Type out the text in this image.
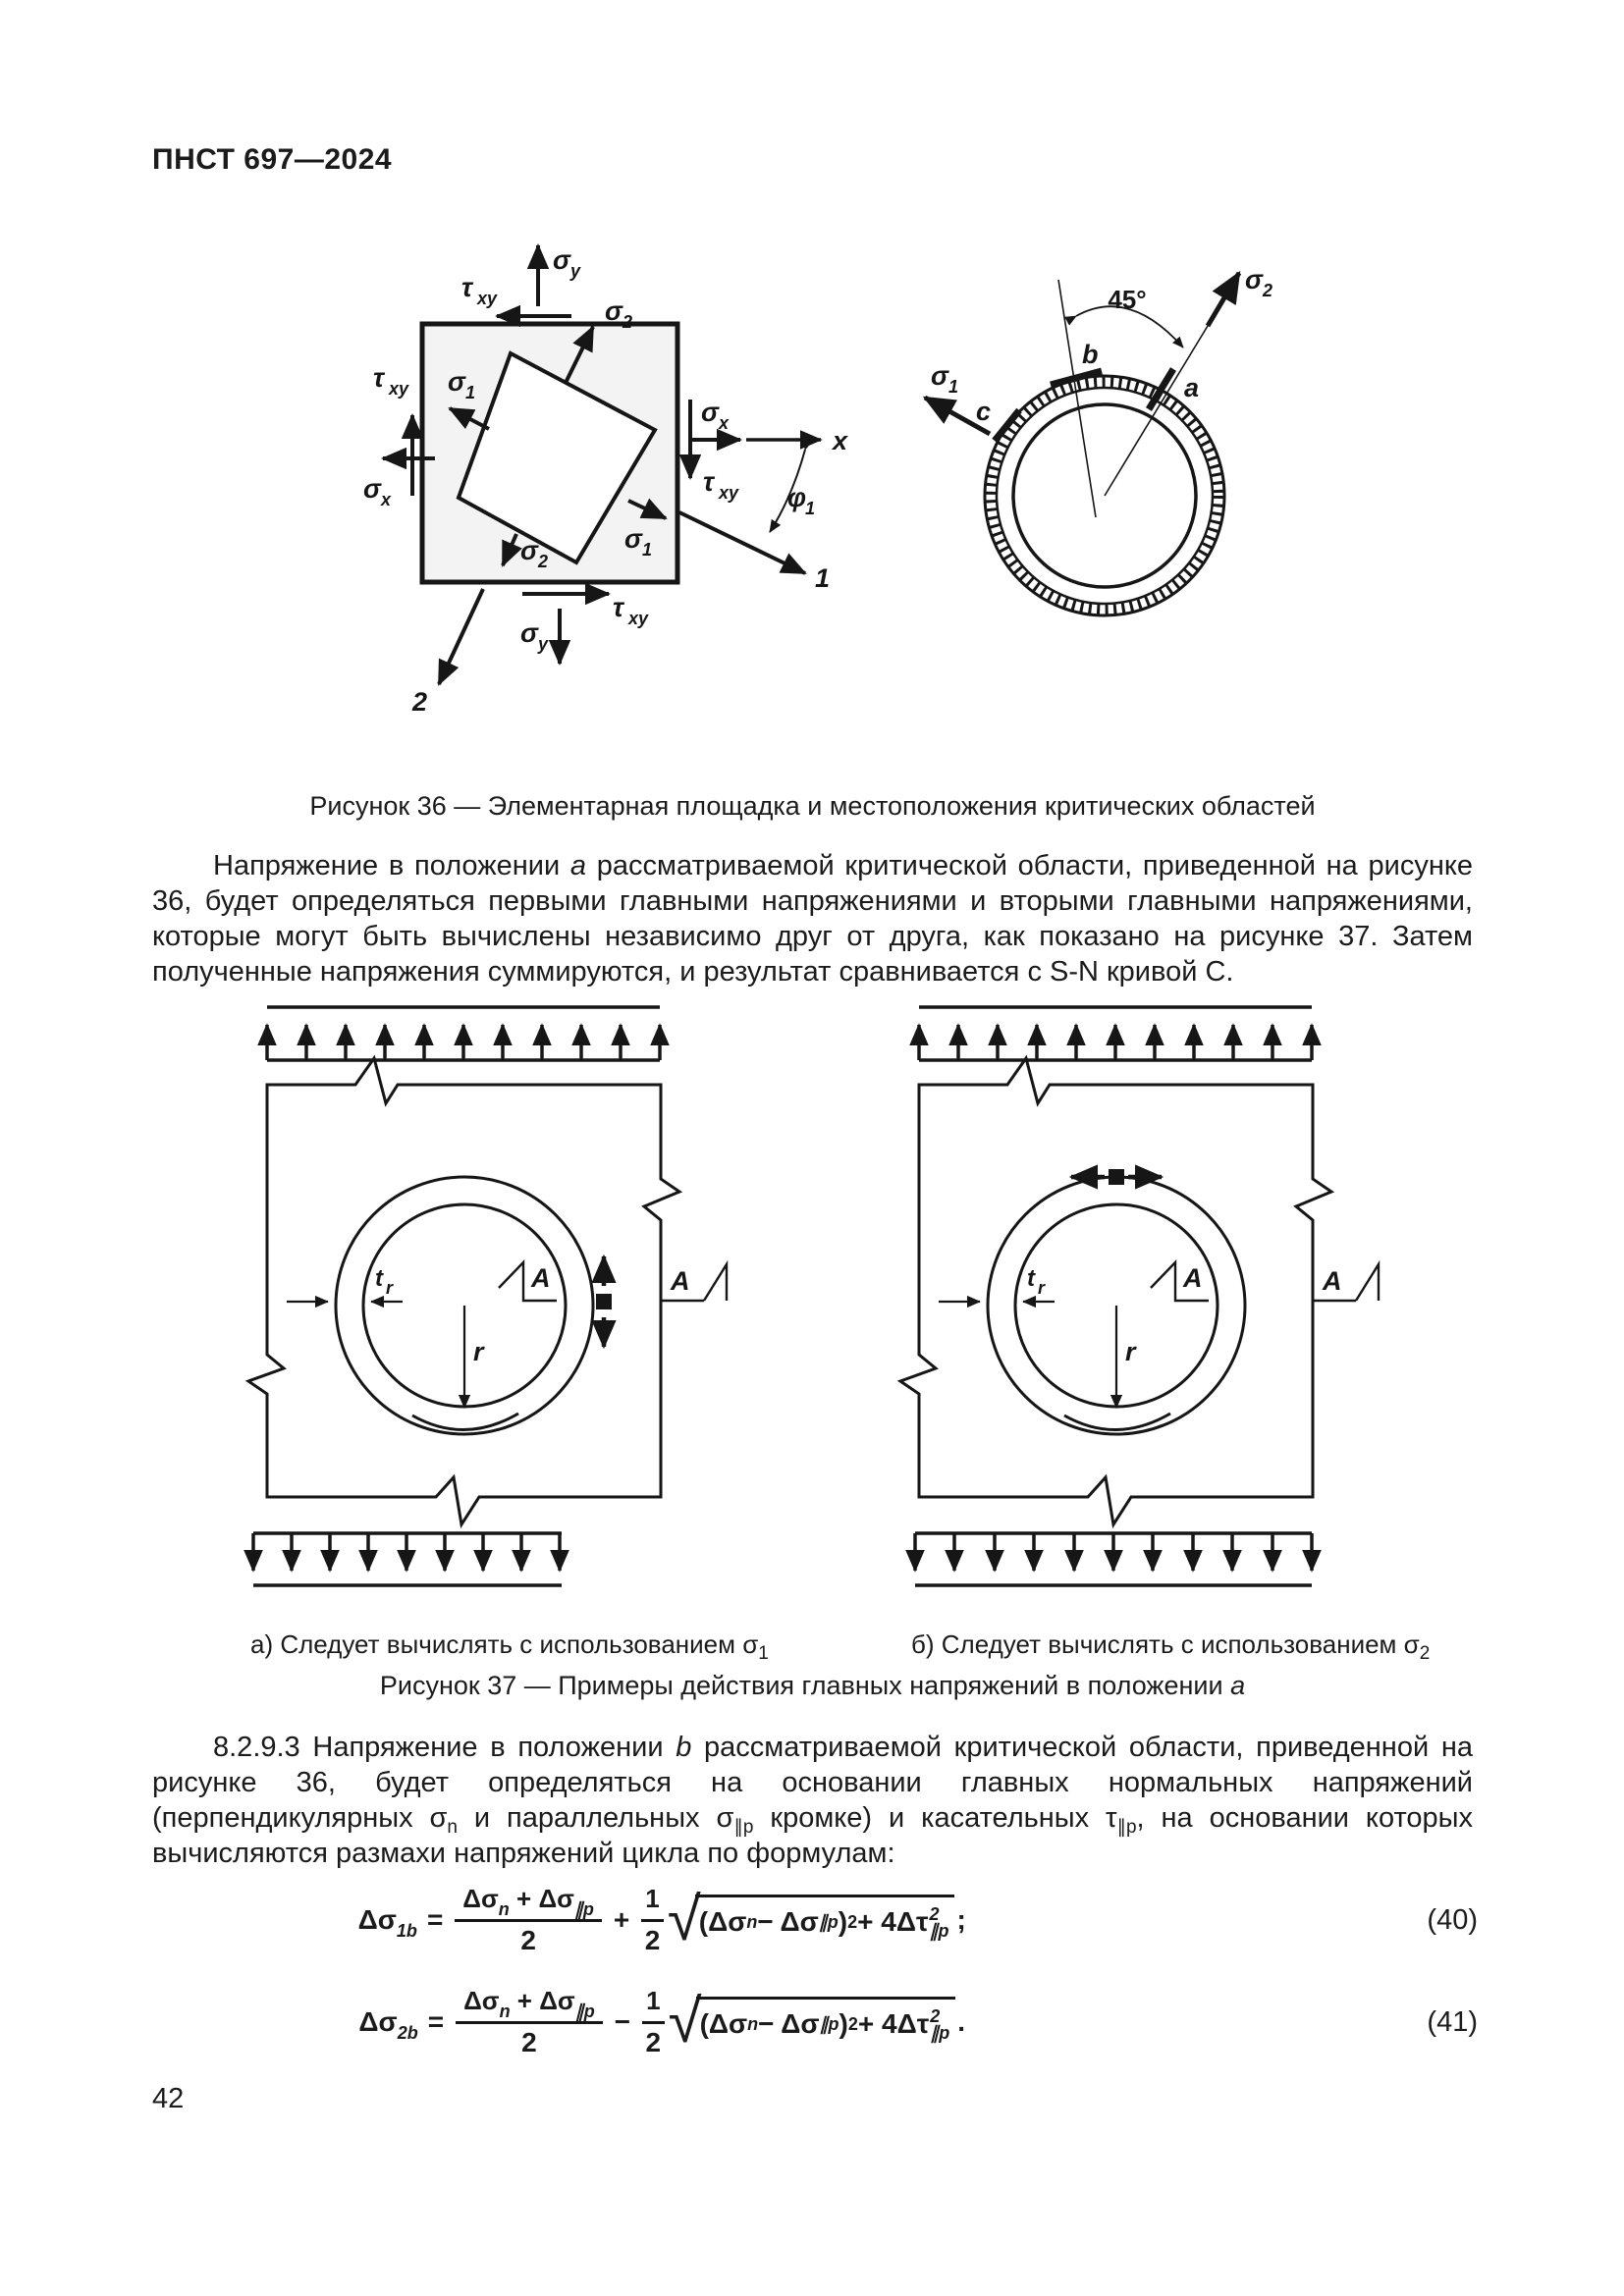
ПНСТ 697—2024
σ y
τ xy
τ xy
σ x
σ 2
σ 1
σ 1
σ 2
σ x
τ xy
τ xy
σ y
x
1
2
φ 1
45°
σ 2
σ 1
b
a
c
Рисунок 36 — Элементарная площадка и местоположения критических областей

Напряжение в положении a рассматриваемой критической области, приведенной на рисунке 36, будет определяться первыми главными напряжениями и вторыми главными напряжениями, которые могут быть вычислены независимо друг от друга, как показано на рисунке 37. Затем полученные напряжения суммируются, и результат сравнивается с S-N кривой С.

t r
r
A	A	t r
r
A	A
а) Следует вычислять с использованием $\sigma_1$	б) Следует вычислять с использованием $\sigma_2$
Рисунок 37 — Примеры действия главных напряжений в положении a

8.2.9.3 Напряжение в положении b рассматриваемой критической области, приведенной на рисунке 36, будет определяться на основании главных нормальных напряжений (перпендикулярных $\sigma_n$ и параллельных $\sigma_{\parallel p}$ кромке) и касательных $\tau_{\parallel p}$, на основании которых вычисляются размахи напряжений цикла по формулам:

$\Delta\sigma_{1b} = \frac{\Delta\sigma_n + \Delta\sigma_{\parallel p}}{2} + \frac{1}{2}$ √
(Δσ n − Δσ ∥p ) 2 + 4Δτ 2
∥p ;	(40)
$\Delta\sigma_{2b} = \frac{\Delta\sigma_n + \Delta\sigma_{\parallel p}}{2} - \frac{1}{2}$ √
(Δσ n − Δσ ∥p ) 2 + 4Δτ 2
∥p .	(41)
42
